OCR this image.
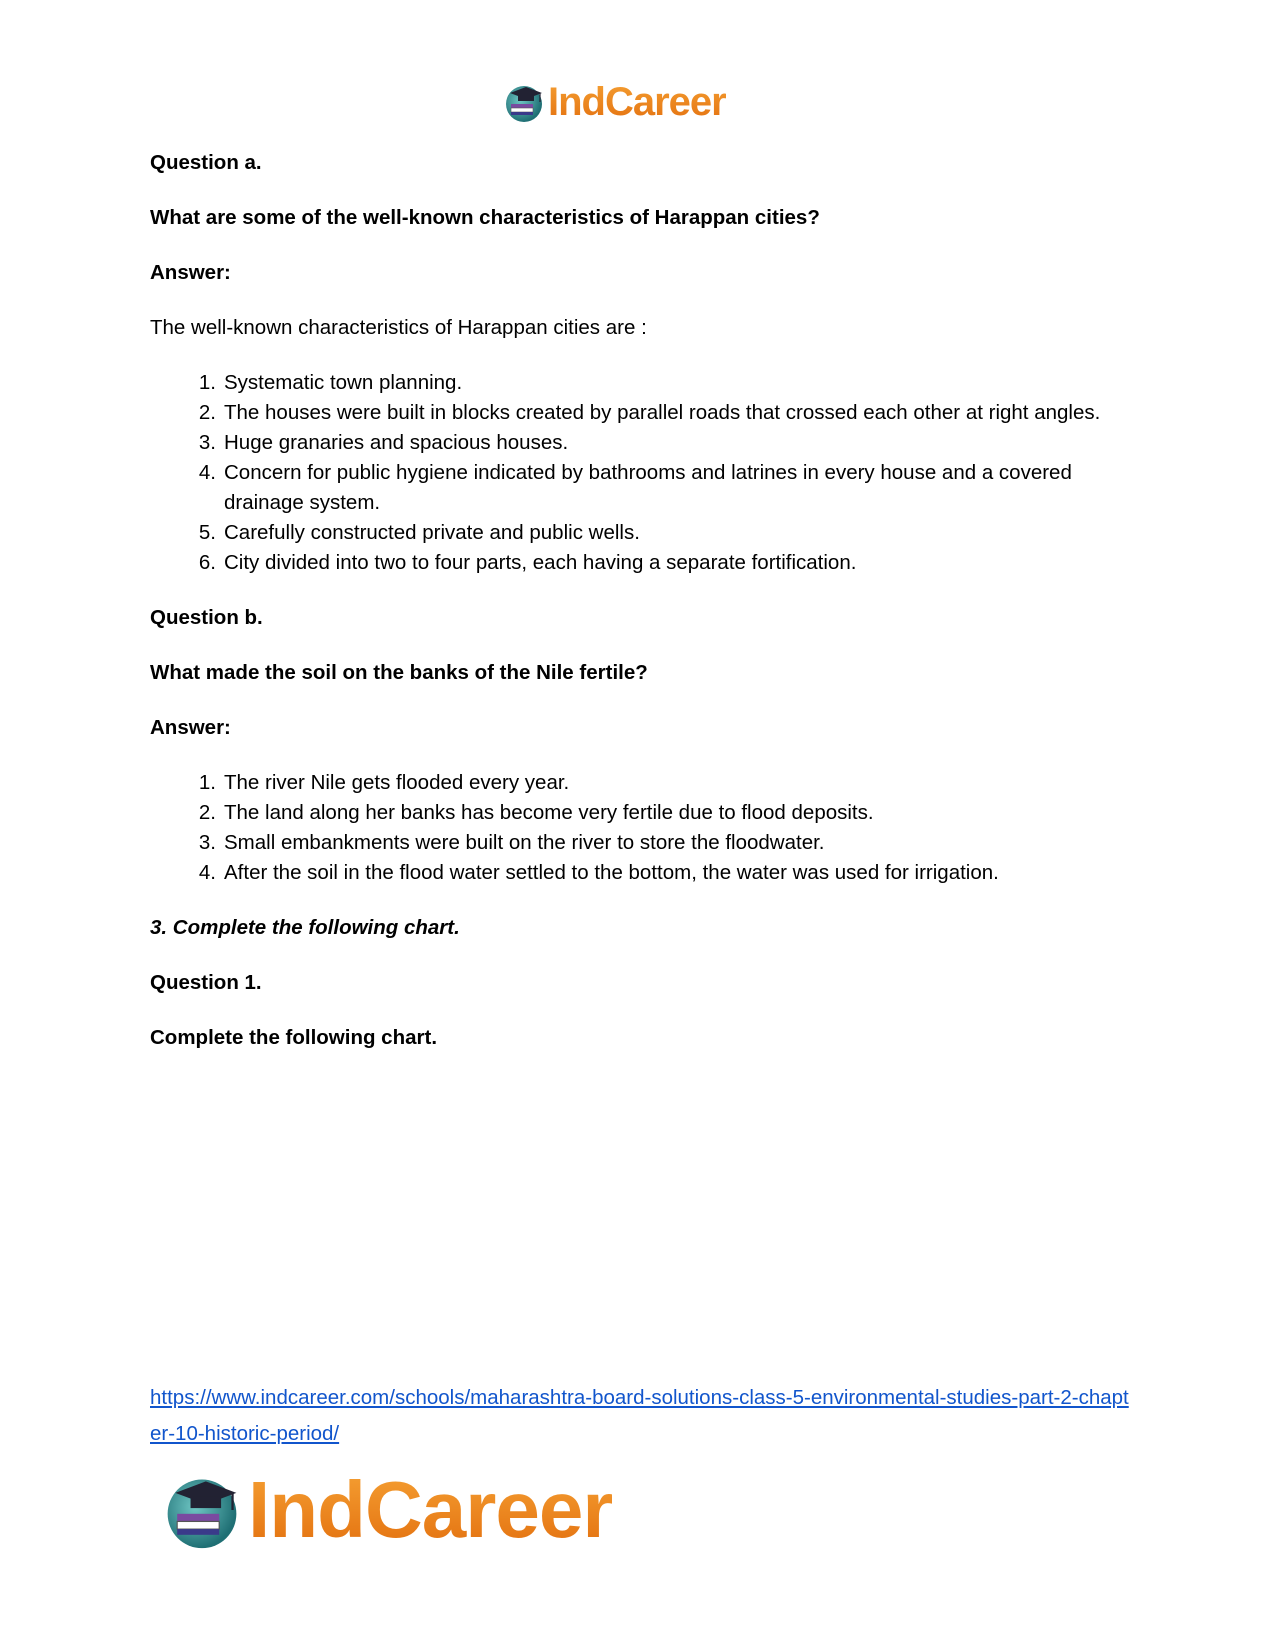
IndCareer

Question a.

What are some of the well-known characteristics of Harappan cities?

Answer:

The well-known characteristics of Harappan cities are :

1. Systematic town planning.
2. The houses were built in blocks created by parallel roads that crossed each other at right angles.
3. Huge granaries and spacious houses.
4. Concern for public hygiene indicated by bathrooms and latrines in every house and a covered drainage system.
5. Carefully constructed private and public wells.
6. City divided into two to four parts, each having a separate fortification.

Question b.

What made the soil on the banks of the Nile fertile?

Answer:

1. The river Nile gets flooded every year.
2. The land along her banks has become very fertile due to flood deposits.
3. Small embankments were built on the river to store the floodwater.
4. After the soil in the flood water settled to the bottom, the water was used for irrigation.

3. Complete the following chart.

Question 1.

Complete the following chart.

https://www.indcareer.com/schools/maharashtra-board-solutions-class-5-environmental-studies-part-2-chapter-10-historic-period/
IndCareer
